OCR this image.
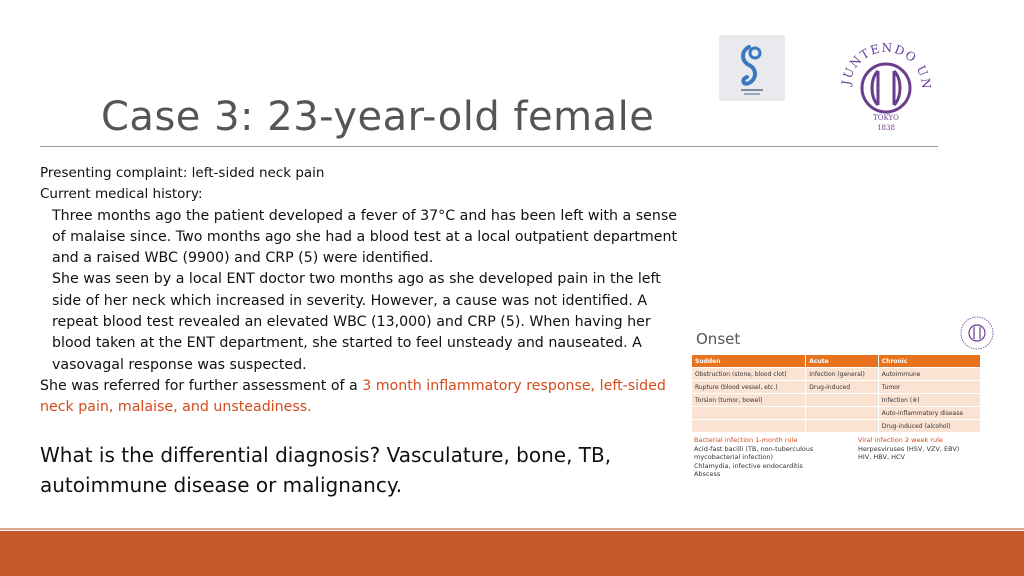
Case 3: 23-year-old female
JUNTENDO UN
TOKYO
1838

Presenting complaint: left-sided neck pain

Current medical history:

Three months ago the patient developed a fever of 37°C and has been left with a sense of malaise since. Two months ago she had a blood test at a local outpatient department and a raised WBC (9900) and CRP (5) were identified.

She was seen by a local ENT doctor two months ago as she developed pain in the left side of her neck which increased in severity. However, a cause was not identified. A repeat blood test revealed an elevated WBC (13,000) and CRP (5). When having her blood taken at the ENT department, she started to feel unsteady and nauseated. A vasovagal response was suspected.

She was referred for further assessment of a 3 month inflammatory response, left-sided neck pain, malaise, and unsteadiness.

What is the differential diagnosis? Vasculature, bone, TB, autoimmune disease or malignancy.
Onset
Sudden	Acute	Chronic
Obstruction (stone, blood clot)	Infection (general)	Autoimmune
Rupture (blood vessel, etc.)	Drug-induced	Tumor
Torsion (tumor, bowel)		Infection (※)
		Auto-inflammatory disease
		Drug-induced (alcohol)
Bacterial infection 1-month rule
Acid-fast bacilli (TB, non-tuberculous
mycobacterial infection)
Chlamydia, infective endocarditis
Abscess
Viral infection 2 week rule
Herpesviruses (HSV, VZV, EBV)
HIV, HBV, HCV
